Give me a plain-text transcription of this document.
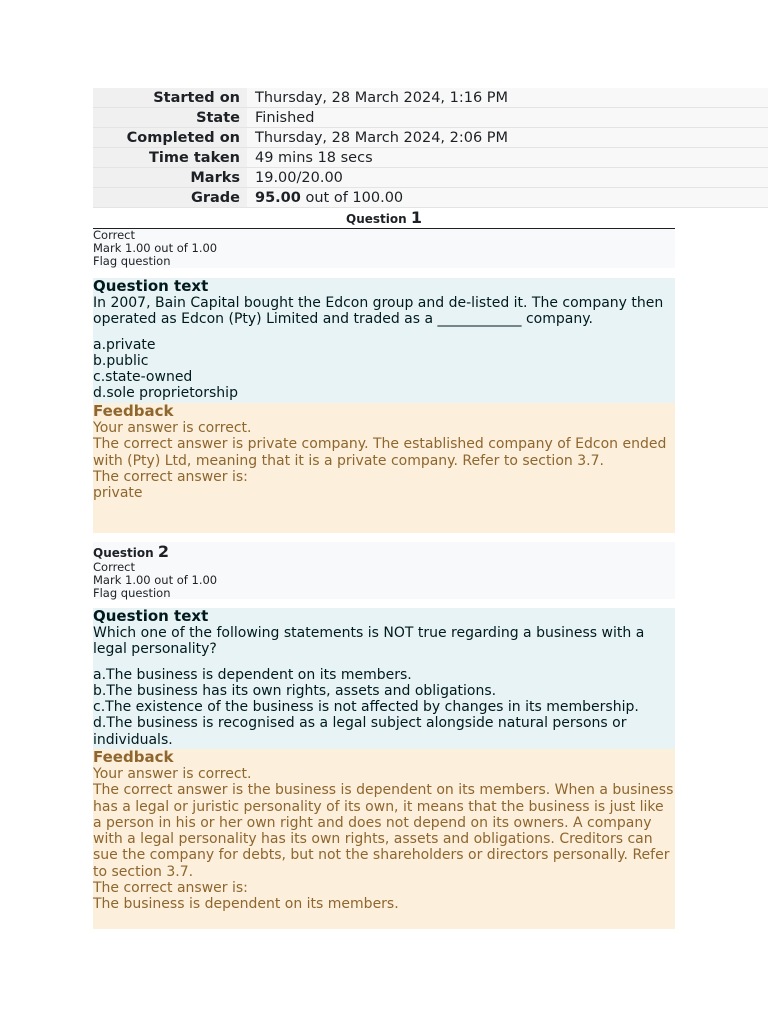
Started on	Thursday, 28 March 2024, 1:16 PM
State	Finished
Completed on	Thursday, 28 March 2024, 2:06 PM
Time taken	49 mins 18 secs
Marks	19.00/20.00
Grade	95.00 out of 100.00
Question 1
Correct
Mark 1.00 out of 1.00
Flag question
Question text

In 2007, Bain Capital bought the Edcon group and de-listed it. The company then operated as Edcon (Pty) Limited and traded as a ____________ company.

a.private
b.public
c.state-owned
d.sole proprietorship
Feedback

Your answer is correct.

The correct answer is private company. The established company of Edcon ended with (Pty) Ltd, meaning that it is a private company. Refer to section 3.7.

The correct answer is:

private

Question 2
Correct
Mark 1.00 out of 1.00
Flag question
Question text

Which one of the following statements is NOT true regarding a business with a legal personality?

a.The business is dependent on its members.
b.The business has its own rights, assets and obligations.
c.The existence of the business is not affected by changes in its membership.
d.The business is recognised as a legal subject alongside natural persons or individuals.
Feedback

Your answer is correct.

The correct answer is the business is dependent on its members. When a business has a legal or juristic personality of its own, it means that the business is just like a person in his or her own right and does not depend on its owners. A company with a legal personality has its own rights, assets and obligations. Creditors can sue the company for debts, but not the shareholders or directors personally. Refer to section 3.7.

The correct answer is:

The business is dependent on its members.
